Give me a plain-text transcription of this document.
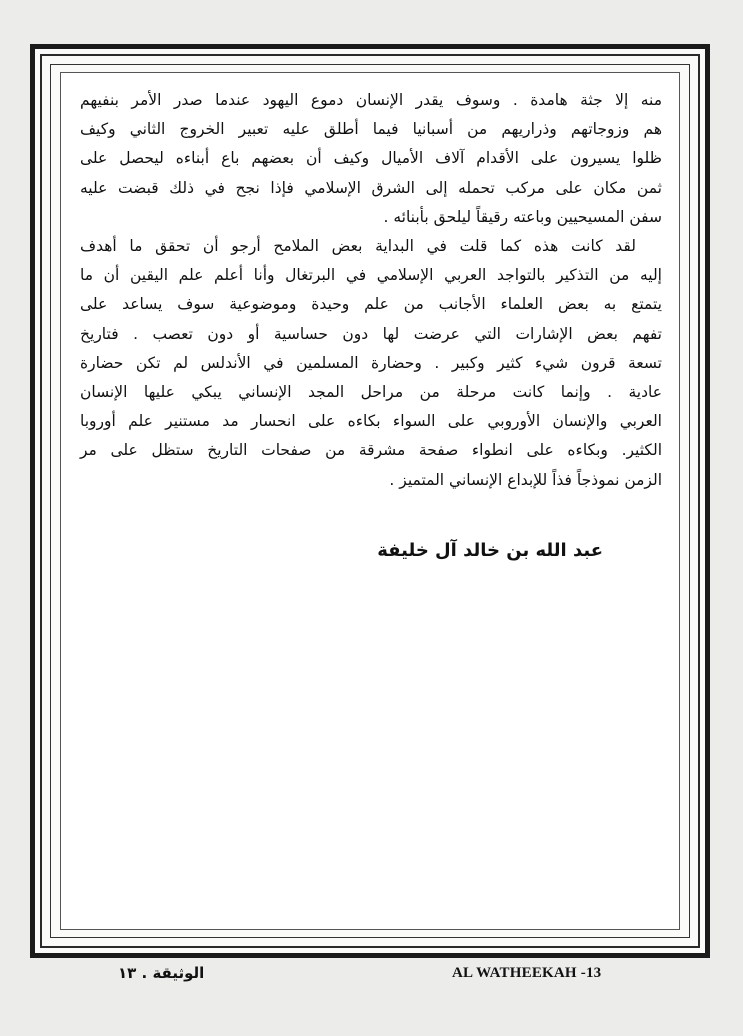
منه إلا جثة هامدة . وسوف يقدر الإنسان دموع اليهود عندما صدر الأمر بنفيهم
هم وزوجاتهم وذراريهم من أسبانيا فيما أطلق عليه تعبير الخروج الثاني وكيف
ظلوا يسيرون على الأقدام آلاف الأميال وكيف أن بعضهم باع أبناءه ليحصل على
ثمن مكان على مركب تحمله إلى الشرق الإسلامي فإذا نجح في ذلك قبضت عليه
سفن المسيحيين وباعته رقيقاً ليلحق بأبنائه .

لقد كانت هذه كما قلت في البداية بعض الملامح أرجو أن تحقق ما أهدف
إليه من التذكير بالتواجد العربي الإسلامي في البرتغال وأنا أعلم علم اليقين أن ما
يتمتع به بعض العلماء الأجانب من علم وحيدة وموضوعية سوف يساعد على
تفهم بعض الإشارات التي عرضت لها دون حساسية أو دون تعصب . فتاريخ
تسعة قرون شيء كثير وكبير . وحضارة المسلمين في الأندلس لم تكن حضارة
عادية . وإنما كانت مرحلة من مراحل المجد الإنساني يبكي عليها الإنسان
العربي والإنسان الأوروبي على السواء بكاءه على انحسار مد مستنير علم أوروبا
الكثير. وبكاءه على انطواء صفحة مشرقة من صفحات التاريخ ستظل على مر
الزمن نموذجاً فذاً للإبداع الإنساني المتميز .

عبد الله بن خالد آل خليفة
الوثيقة . ١٣	AL WATHEEKAH -13
